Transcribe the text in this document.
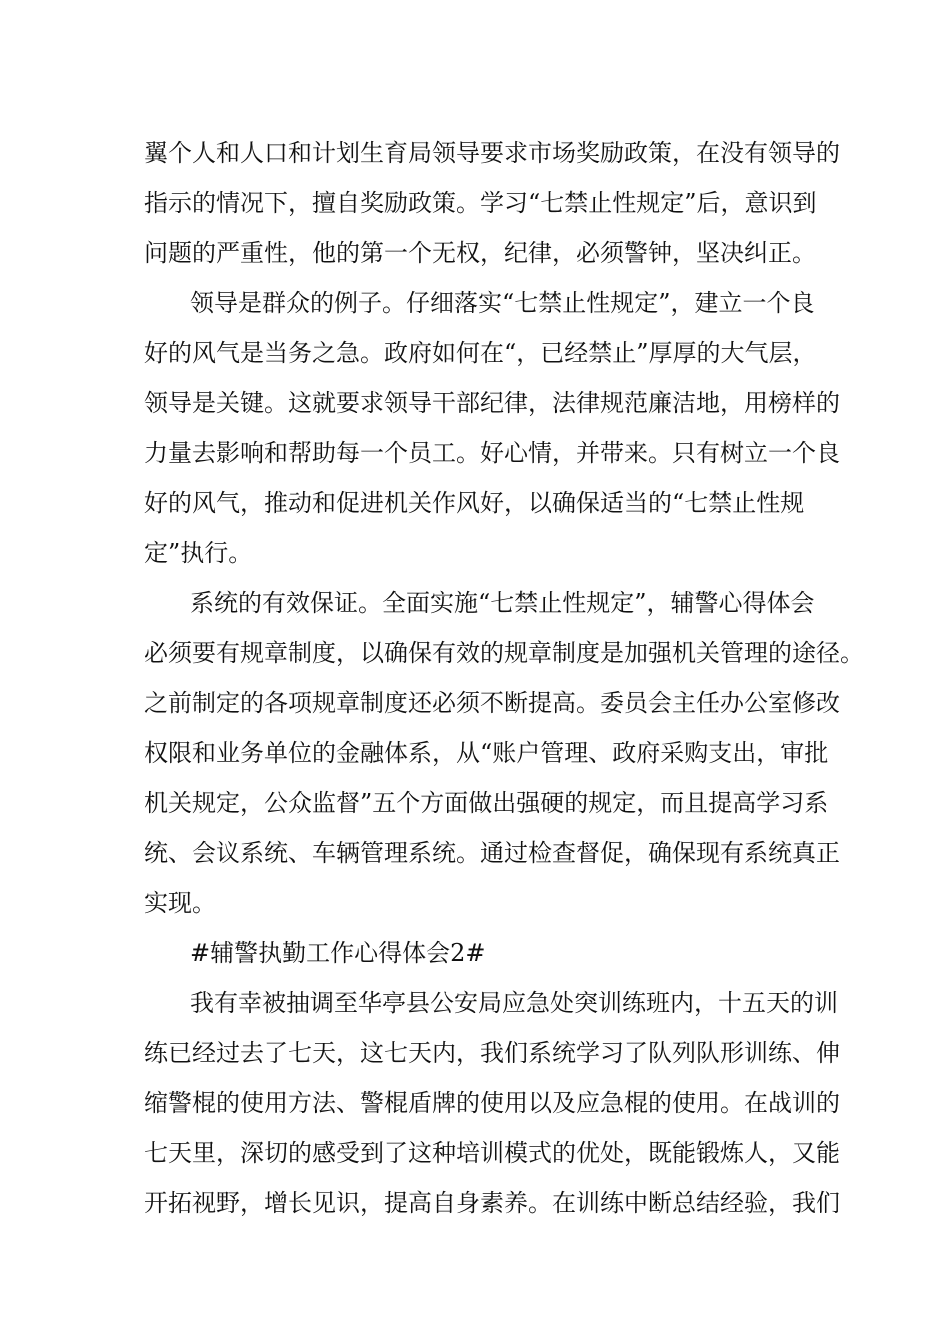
翼个人和人口和计划生育局领导要求市场奖励政策，在没有领导的
指示的情况下，擅自奖励政策。学习“七禁止性规定”后，意识到
问题的严重性，他的第一个无权，纪律，必须警钟，坚决纠正。

领导是群众的例子。仔细落实“七禁止性规定”，建立一个良
好的风气是当务之急。政府如何在“，已经禁止”厚厚的大气层，
领导是关键。这就要求领导干部纪律，法律规范廉洁地，用榜样的
力量去影响和帮助每一个员工。好心情，并带来。只有树立一个良
好的风气，推动和促进机关作风好，以确保适当的“七禁止性规
定”执行。

系统的有效保证。全面实施“七禁止性规定”，辅警心得体会
必须要有规章制度，以确保有效的规章制度是加强机关管理的途径。
之前制定的各项规章制度还必须不断提高。委员会主任办公室修改
权限和业务单位的金融体系，从“账户管理、政府采购支出，审批
机关规定，公众监督”五个方面做出强硬的规定，而且提高学习系
统、会议系统、车辆管理系统。通过检查督促，确保现有系统真正
实现。

#辅警执勤工作心得体会2#

我有幸被抽调至华亭县公安局应急处突训练班内，十五天的训
练已经过去了七天，这七天内，我们系统学习了队列队形训练、伸
缩警棍的使用方法、警棍盾牌的使用以及应急棍的使用。在战训的
七天里，深切的感受到了这种培训模式的优处，既能锻炼人，又能
开拓视野，增长见识，提高自身素养。在训练中断总结经验，我们
